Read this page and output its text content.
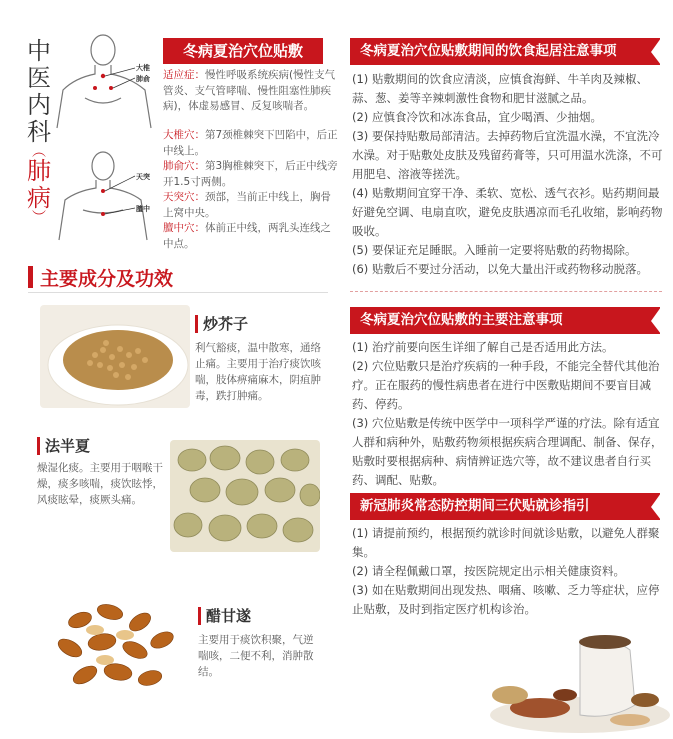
中
医
内
科
︵
肺
病
︶
大椎
肺俞
天突
膻中
冬病夏治穴位贴敷
适应症：慢性呼吸系统疾病(慢性支气管炎、支气管哮喘、慢性阻塞性肺疾病)，体虚易感冒、反复咳喘者。
大椎穴：第7颈椎棘突下凹陷中，后正中线上。
肺俞穴：第3胸椎棘突下，后正中线旁开1.5寸两侧。
天突穴：颈部，当前正中线上，胸骨上窝中央。
膻中穴：体前正中线，两乳头连线之中点。
主要成分及功效
炒芥子
利气豁痰，温中散寒，通络止痛。主要用于治疗痰饮咳喘，肢体痹痛麻木，阴疽肿毒，跌打肿痛。
法半夏
燥湿化痰。主要用于咽喉干燥，痰多咳喘，痰饮眩悸，风痰眩晕，痰厥头痛。
醋甘遂
主要用于痰饮积聚，气逆喘咳，二便不利，消肿散结。
冬病夏治穴位贴敷期间的饮食起居注意事项
(1) 贴敷期间的饮食应清淡，应慎食海鲜、牛羊肉及辣椒、蒜、葱、姜等辛辣刺激性食物和肥甘滋腻之品。
(2) 应慎食冷饮和冰冻食品，宜少喝酒、少抽烟。
(3) 要保持贴敷局部清洁。去掉药物后宜洗温水澡，不宜洗冷水澡。对于贴敷处皮肤及残留药膏等，只可用温水洗涤，不可用肥皂、溶液等搓洗。
(4) 贴敷期间宜穿干净、柔软、宽松、透气衣衫。贴药期间最好避免空调、电扇直吹，避免皮肤遇凉而毛孔收缩，影响药物吸收。
(5) 要保证充足睡眠。入睡前一定要将贴敷的药物揭除。
(6) 贴敷后不要过分活动，以免大量出汗或药物移动脱落。
冬病夏治穴位贴敷的主要注意事项
(1) 治疗前要向医生详细了解自己是否适用此方法。
(2) 穴位贴敷只是治疗疾病的一种手段，不能完全替代其他治疗。正在服药的慢性病患者在进行中医敷贴期间不要盲目减药、停药。
(3) 穴位贴敷是传统中医学中一项科学严谨的疗法。除有适宜人群和病种外，贴敷药物须根据疾病合理调配、制备、保存，贴敷时要根据病种、病情辨证选穴等，故不建议患者自行买药、调配、贴敷。
新冠肺炎常态防控期间三伏贴就诊指引
(1) 请提前预约，根据预约就诊时间就诊贴敷，以避免人群聚集。
(2) 请全程佩戴口罩，按医院规定出示相关健康资料。
(3) 如在贴敷期间出现发热、咽痛、咳嗽、乏力等症状，应停止贴敷，及时到指定医疗机构诊治。
